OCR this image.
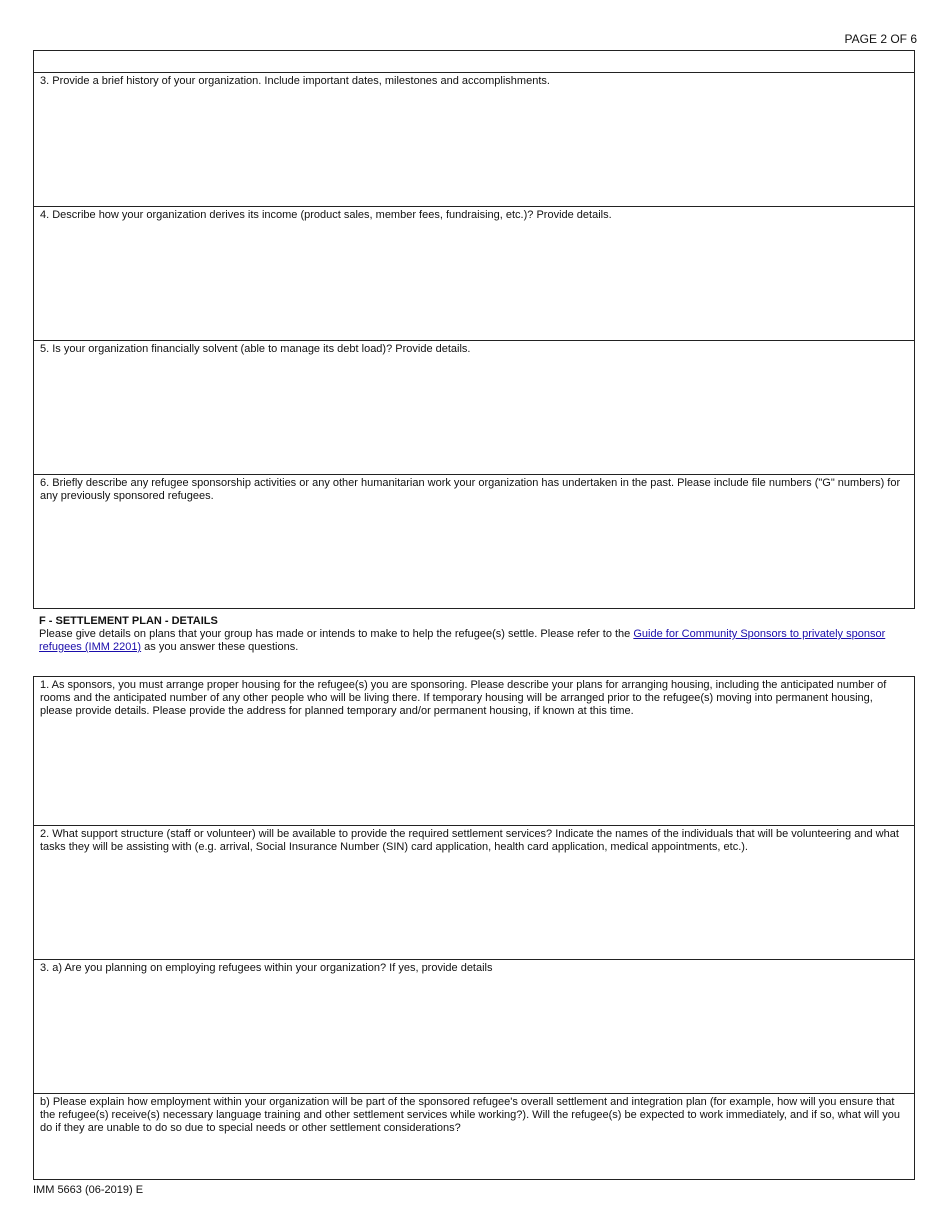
PAGE 2 OF 6
3. Provide a brief history of your organization. Include important dates, milestones and accomplishments.
4. Describe how your organization derives its income (product sales, member fees, fundraising, etc.)? Provide details.
5. Is your organization financially solvent (able to manage its debt load)? Provide details.
6. Briefly describe any refugee sponsorship activities or any other humanitarian work your organization has undertaken in the past. Please include file numbers ("G" numbers) for any previously sponsored refugees.
F - SETTLEMENT PLAN - DETAILS
Please give details on plans that your group has made or intends to make to help the refugee(s) settle. Please refer to the Guide for Community Sponsors to privately sponsor refugees (IMM 2201) as you answer these questions.
1. As sponsors, you must arrange proper housing for the refugee(s) you are sponsoring. Please describe your plans for arranging housing, including the anticipated number of rooms and the anticipated number of any other people who will be living there. If temporary housing will be arranged prior to the refugee(s) moving into permanent housing, please provide details. Please provide the address for planned temporary and/or permanent housing, if known at this time.
2. What support structure (staff or volunteer) will be available to provide the required settlement services? Indicate the names of the individuals that will be volunteering and what tasks they will be assisting with (e.g. arrival, Social Insurance Number (SIN) card application, health card application, medical appointments, etc.).
3. a) Are you planning on employing refugees within your organization? If yes, provide details
b) Please explain how employment within your organization will be part of the sponsored refugee's overall settlement and integration plan (for example, how will you ensure that the refugee(s) receive(s) necessary language training and other settlement services while working?). Will the refugee(s) be expected to work immediately, and if so, what will you do if they are unable to do so due to special needs or other settlement considerations?
IMM 5663 (06-2019) E
